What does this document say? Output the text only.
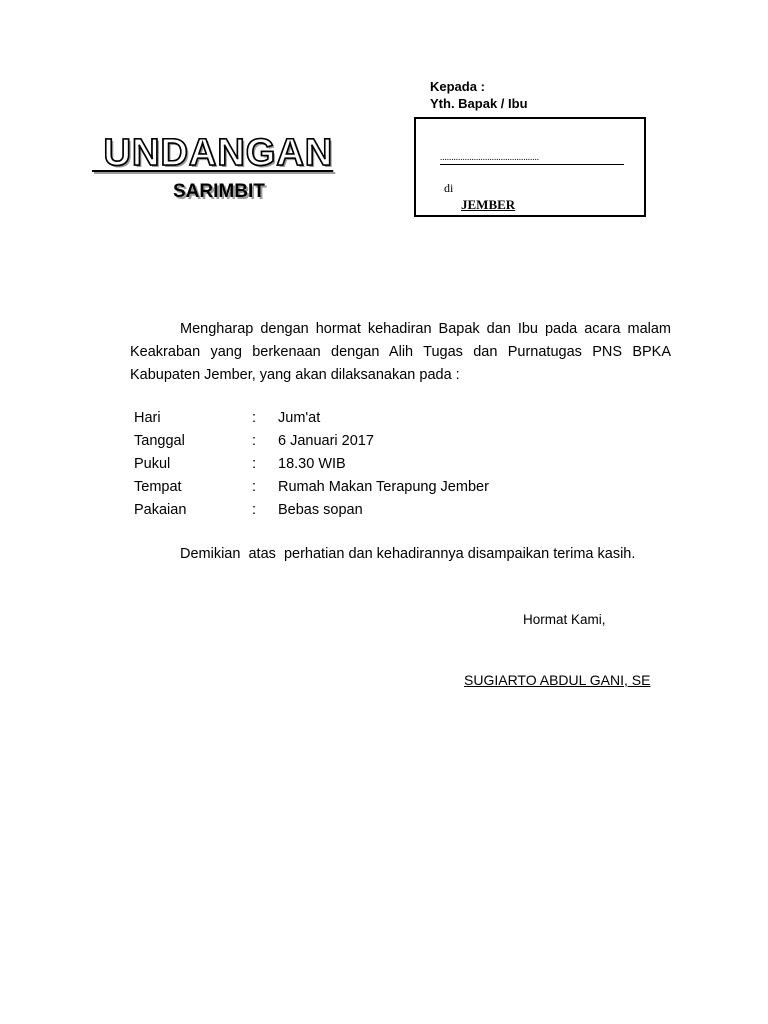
Kepada :
Yth. Bapak / Ibu
............................................
di
JEMBER
UNDANGAN
SARIMBIT
Mengharap dengan hormat kehadiran Bapak dan Ibu pada acara malam Keakraban yang berkenaan dengan Alih Tugas dan Purnatugas PNS BPKA Kabupaten Jember, yang akan dilaksanakan pada :
Hari	: Jum'at
Tanggal	: 6 Januari 2017
Pukul	: 18.30 WIB
Tempat	: Rumah Makan Terapung Jember
Pakaian	: Bebas sopan
Demikian  atas  perhatian dan kehadirannya disampaikan terima kasih.
Hormat Kami,
SUGIARTO ABDUL GANI, SE
